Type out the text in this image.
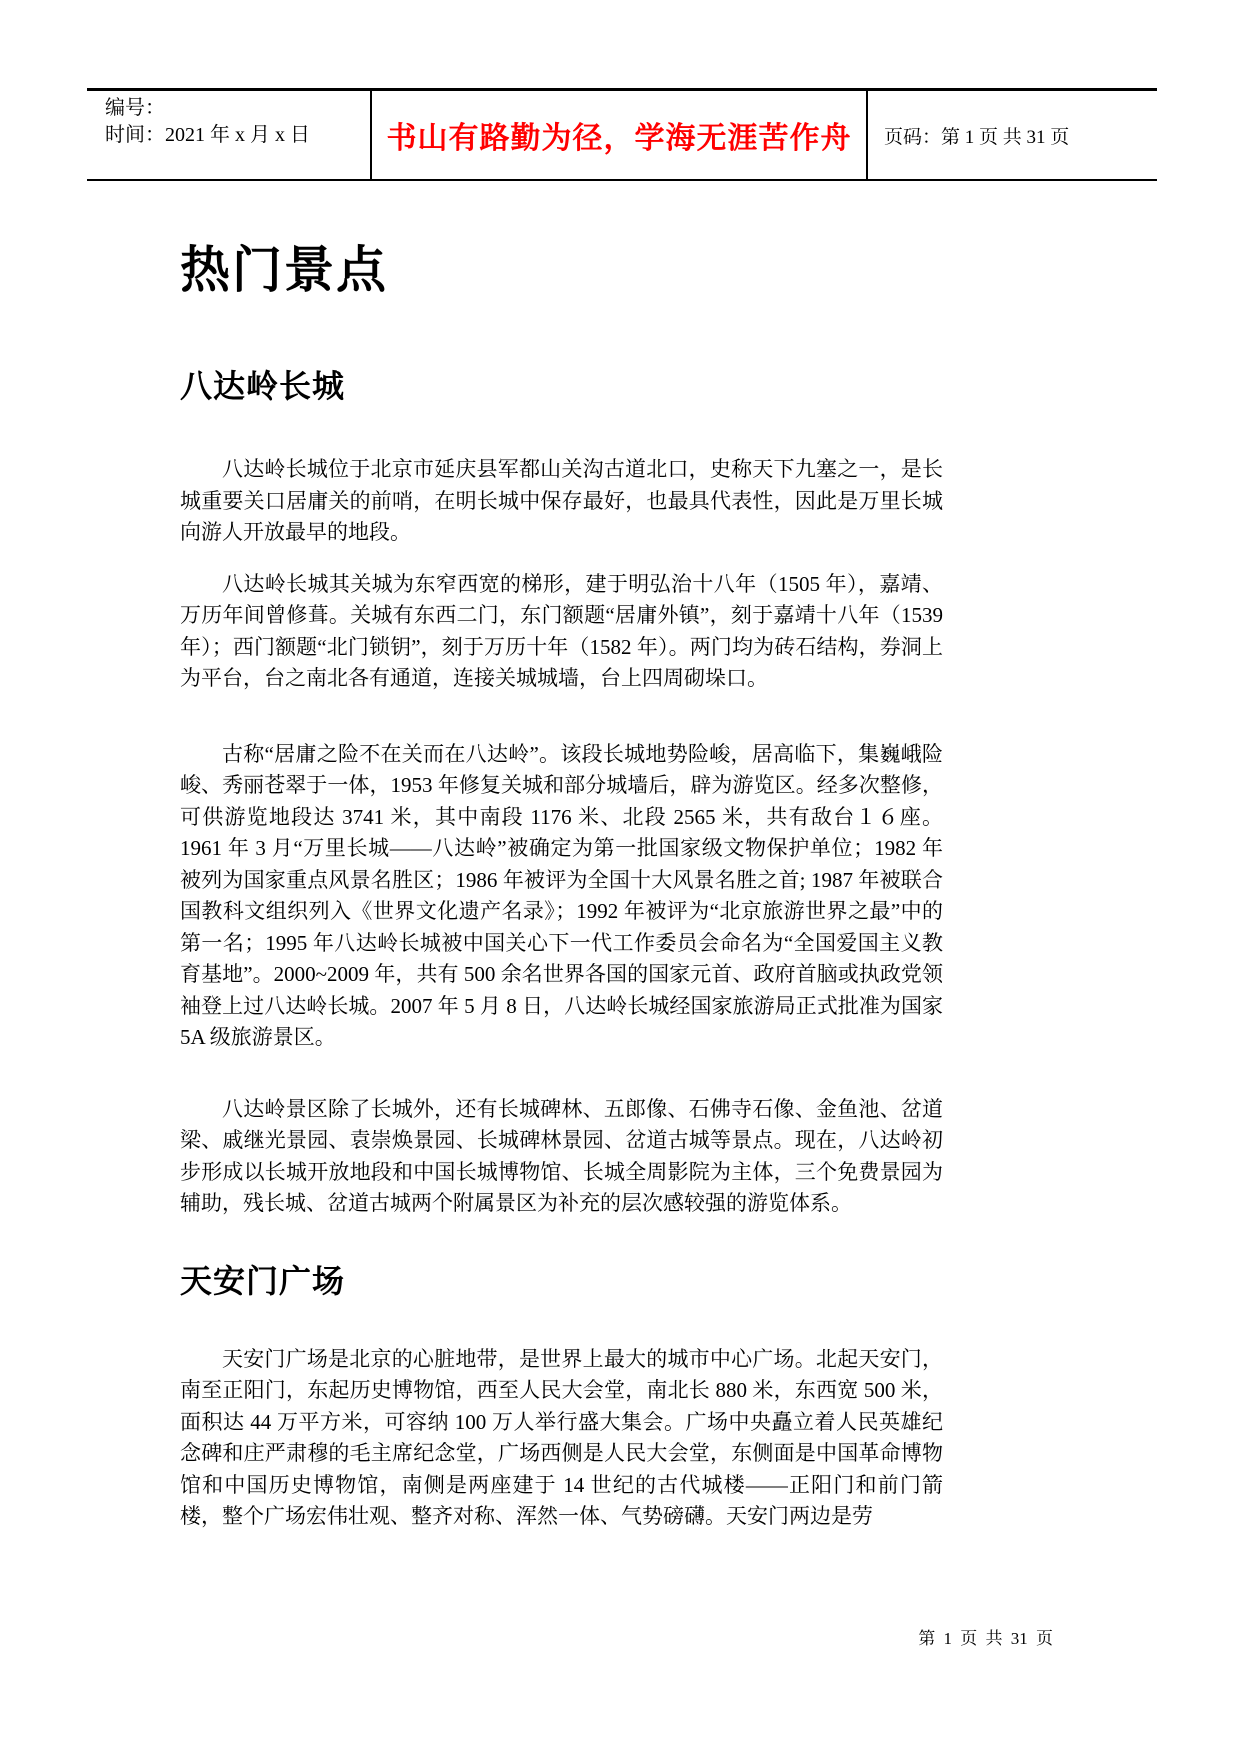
编号：
时间：2021 年 x 月 x 日	书山有路勤为径，学海无涯苦作舟 页码：第 1 页 共 31 页
热门景点
八达岭长城

八达岭长城位于北京市延庆县军都山关沟古道北口，史称天下九塞之一，是长城重要关口居庸关的前哨，在明长城中保存最好，也最具代表性，因此是万里长城向游人开放最早的地段。

八达岭长城其关城为东窄西宽的梯形，建于明弘治十八年（1505 年），嘉靖、万历年间曾修葺。关城有东西二门，东门额题“居庸外镇”，刻于嘉靖十八年（1539 年）；西门额题“北门锁钥”，刻于万历十年（1582 年）。两门均为砖石结构，券洞上为平台，台之南北各有通道，连接关城城墙，台上四周砌垛口。

古称“居庸之险不在关而在八达岭”。该段长城地势险峻，居高临下，集巍峨险峻、秀丽苍翠于一体，1953 年修复关城和部分城墙后，辟为游览区。经多次整修，可供游览地段达 3741 米，其中南段 1176 米、北段 2565 米，共有敌台１６座。1961 年 3 月“万里长城——八达岭”被确定为第一批国家级文物保护单位；1982 年被列为国家重点风景名胜区；1986 年被评为全国十大风景名胜之首; 1987 年被联合国教科文组织列入《世界文化遗产名录》；1992 年被评为“北京旅游世界之最”中的第一名；1995 年八达岭长城被中国关心下一代工作委员会命名为“全国爱国主义教育基地”。2000~2009 年，共有 500 余名世界各国的国家元首、政府首脑或执政党领袖登上过八达岭长城。2007 年 5 月 8 日，八达岭长城经国家旅游局正式批准为国家 5A 级旅游景区。

八达岭景区除了长城外，还有长城碑林、五郎像、石佛寺石像、金鱼池、岔道梁、戚继光景园、袁崇焕景园、长城碑林景园、岔道古城等景点。现在，八达岭初步形成以长城开放地段和中国长城博物馆、长城全周影院为主体，三个免费景园为辅助，残长城、岔道古城两个附属景区为补充的层次感较强的游览体系。

天安门广场

天安门广场是北京的心脏地带，是世界上最大的城市中心广场。北起天安门，南至正阳门，东起历史博物馆，西至人民大会堂，南北长 880 米，东西宽 500 米，面积达 44 万平方米，可容纳 100 万人举行盛大集会。广场中央矗立着人民英雄纪念碑和庄严肃穆的毛主席纪念堂，广场西侧是人民大会堂，东侧面是中国革命博物馆和中国历史博物馆，南侧是两座建于 14 世纪的古代城楼——正阳门和前门箭楼，整个广场宏伟壮观、整齐对称、浑然一体、气势磅礴。天安门两边是劳

第 1 页 共 31 页
